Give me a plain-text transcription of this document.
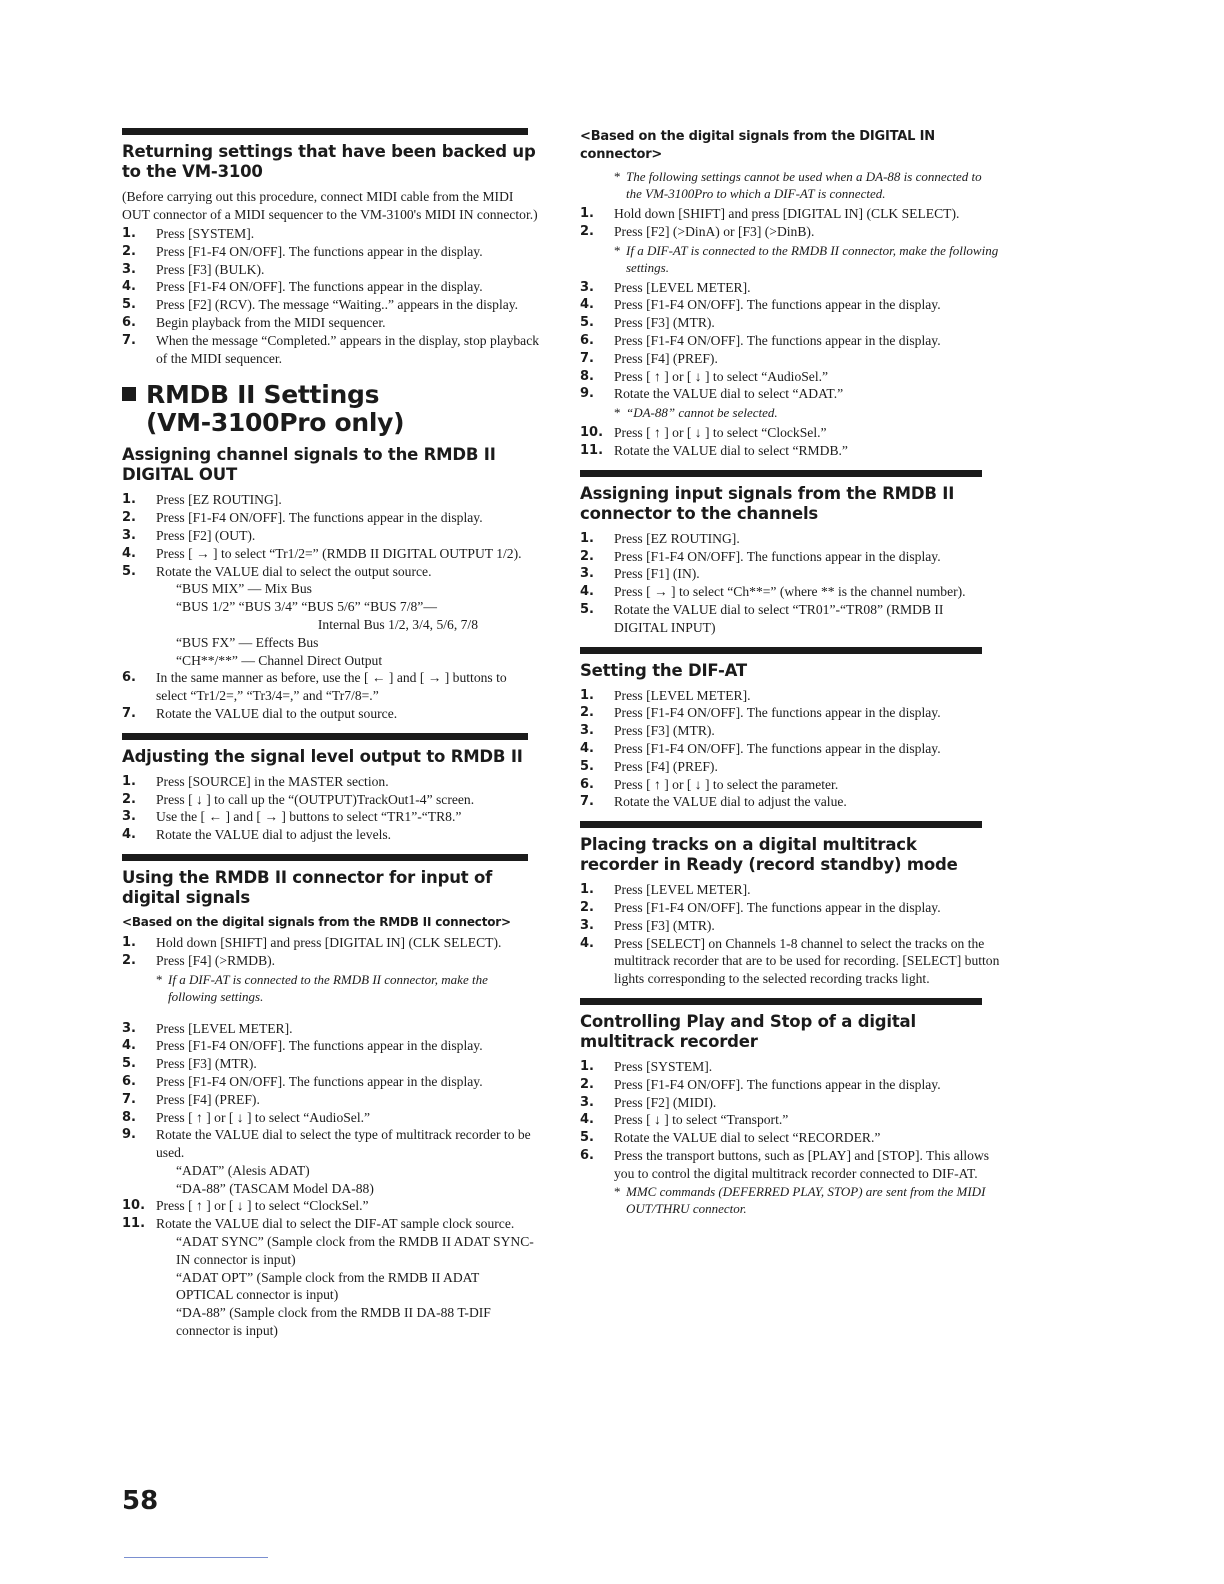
Returning settings that have been backed up to the VM-3100

(Before carrying out this procedure, connect MIDI cable from the MIDI OUT connector of a MIDI sequencer to the VM-3100's MIDI IN connector.)

1. Press [SYSTEM].
2. Press [F1-F4 ON/OFF]. The functions appear in the display.
3. Press [F3] (BULK).
4. Press [F1-F4 ON/OFF]. The functions appear in the display.
5. Press [F2] (RCV). The message “Waiting..” appears in the display.
6. Begin playback from the MIDI sequencer.
7. When the message “Completed.” appears in the display, stop playback of the MIDI sequencer.
RMDB II Settings
(VM-3100Pro only)
Assigning channel signals to the RMDB II DIGITAL OUT
1. Press [EZ ROUTING].
2. Press [F1-F4 ON/OFF]. The functions appear in the display.
3. Press [F2] (OUT).
4. Press [ → ] to select “Tr1/2=” (RMDB II DIGITAL OUTPUT 1/2).
5. Rotate the VALUE dial to select the output source.
“BUS MIX” — Mix Bus
“BUS 1/2” “BUS 3/4” “BUS 5/6” “BUS 7/8”—
Internal Bus 1/2, 3/4, 5/6, 7/8
“BUS FX” — Effects Bus
“CH**/**” — Channel Direct Output
6. In the same manner as before, use the [ ← ] and [ → ] buttons to select “Tr1/2=,” “Tr3/4=,” and “Tr7/8=.”
7. Rotate the VALUE dial to the output source.
Adjusting the signal level output to RMDB II
1. Press [SOURCE] in the MASTER section.
2. Press [ ↓ ] to call up the “(OUTPUT)TrackOut1-4” screen.
3. Use the [ ← ] and [ → ] buttons to select “TR1”-“TR8.”
4. Rotate the VALUE dial to adjust the levels.
Using the RMDB II connector for input of digital signals
<Based on the digital signals from the RMDB II connector>
1. Hold down [SHIFT] and press [DIGITAL IN] (CLK SELECT).
2. Press [F4] (>RMDB).
* If a DIF-AT is connected to the RMDB II connector, make the following settings.
3. Press [LEVEL METER].
4. Press [F1-F4 ON/OFF]. The functions appear in the display.
5. Press [F3] (MTR).
6. Press [F1-F4 ON/OFF]. The functions appear in the display.
7. Press [F4] (PREF).
8. Press [ ↑ ] or [ ↓ ] to select “AudioSel.”
9. Rotate the VALUE dial to select the type of multitrack recorder to be used.
“ADAT” (Alesis ADAT)
“DA-88” (TASCAM Model DA-88)
10. Press [ ↑ ] or [ ↓ ] to select “ClockSel.”
11. Rotate the VALUE dial to select the DIF-AT sample clock source.
“ADAT SYNC” (Sample clock from the RMDB II ADAT SYNC-IN connector is input)
“ADAT OPT” (Sample clock from the RMDB II ADAT OPTICAL connector is input)
“DA-88” (Sample clock from the RMDB II DA-88 T-DIF connector is input)
<Based on the digital signals from the DIGITAL IN connector>
* The following settings cannot be used when a DA-88 is connected to the VM-3100Pro to which a DIF-AT is connected.
1. Hold down [SHIFT] and press [DIGITAL IN] (CLK SELECT).
2. Press [F2] (>DinA) or [F3] (>DinB).
* If a DIF-AT is connected to the RMDB II connector, make the following settings.
3. Press [LEVEL METER].
4. Press [F1-F4 ON/OFF]. The functions appear in the display.
5. Press [F3] (MTR).
6. Press [F1-F4 ON/OFF]. The functions appear in the display.
7. Press [F4] (PREF).
8. Press [ ↑ ] or [ ↓ ] to select “AudioSel.”
9. Rotate the VALUE dial to select “ADAT.”
* “DA-88” cannot be selected.
10. Press [ ↑ ] or [ ↓ ] to select “ClockSel.”
11. Rotate the VALUE dial to select “RMDB.”
Assigning input signals from the RMDB II connector to the channels
1. Press [EZ ROUTING].
2. Press [F1-F4 ON/OFF]. The functions appear in the display.
3. Press [F1] (IN).
4. Press [ → ] to select “Ch**=” (where ** is the channel number).
5. Rotate the VALUE dial to select “TR01”-“TR08” (RMDB II DIGITAL INPUT)
Setting the DIF-AT
1. Press [LEVEL METER].
2. Press [F1-F4 ON/OFF]. The functions appear in the display.
3. Press [F3] (MTR).
4. Press [F1-F4 ON/OFF]. The functions appear in the display.
5. Press [F4] (PREF).
6. Press [ ↑ ] or [ ↓ ] to select the parameter.
7. Rotate the VALUE dial to adjust the value.
Placing tracks on a digital multitrack recorder in Ready (record standby) mode
1. Press [LEVEL METER].
2. Press [F1-F4 ON/OFF]. The functions appear in the display.
3. Press [F3] (MTR).
4. Press [SELECT] on Channels 1-8 channel to select the tracks on the multitrack recorder that are to be used for recording. [SELECT] button lights corresponding to the selected recording tracks light.
Controlling Play and Stop of a digital multitrack recorder
1. Press [SYSTEM].
2. Press [F1-F4 ON/OFF]. The functions appear in the display.
3. Press [F2] (MIDI).
4. Press [ ↓ ] to select “Transport.”
5. Rotate the VALUE dial to select “RECORDER.”
6. Press the transport buttons, such as [PLAY] and [STOP]. This allows you to control the digital multitrack recorder connected to DIF-AT.
* MMC commands (DEFERRED PLAY, STOP) are sent from the MIDI OUT/THRU connector.
58
